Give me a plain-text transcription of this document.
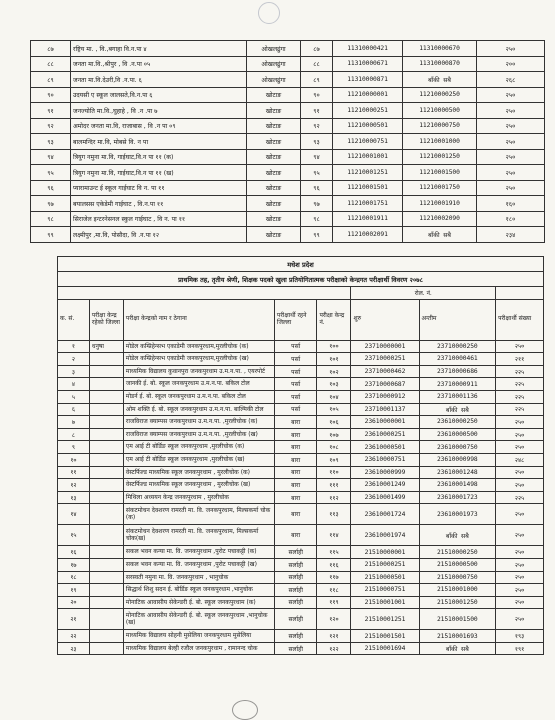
८७	रष्ट्रिय मा. , वि.,बगाहा वि.न.पा ४	ओखलढुंगा	८७	11310000421	11310000670	२५०
८८	जनता मा.वि.,श्रीपुर , वि .न.पा ०५	ओखलढुंगा	८८	11310000671	11310000870	२००
८९	जनता मा.वि.देउरी,वि .न.पा. ६	ओखलढुंगा	८९	11310000871	बाँकी सबै	२६८
९०	उदयसी ए स्कूल जालसते,वि.न.पा ६	खोटाङ	९०	11210000001	11210000250	२५०
९१	जनज्योति मा.वि.,घुहाहे , वि .न .पा ७	खोटाङ	९१	11210000251	11210000500	२५०
९२	अमोदर जनता मा.वि, राजाबास , वि .न पा ०९	खोटाङ	९२	11210000501	11210000750	२५०
९३	बालमन्दिर मा.वि, मोबसे वि. न पा	खोटाङ	९३	11210000751	11210001000	२५०
९४	त्रियुग नमुना मा.वि, गाईघाट,वि.न पा ११ (क)	खोटाङ	९४	11210001001	11210001250	२५०
९५	त्रियुग नमुना मा.वि, गाईघाट,वि.न पा ११ (ख)	खोटाङ	९५	11210001251	11210001500	२५०
९६	प्यारामाउन्ट ई स्कूल गाईघाट वि न. पा ११	खोटाङ	९६	11210001501	11210001750	२५०
९७	बयालसस एकेडेमी गाईघाट , वि.न.पा ११	खोटाङ	९७	11210001751	11210001910	१६०
९८	सिराजेल इन्टरनेसनल स्कुल गाईघाट , वि न. पा ११	खोटाङ	९८	11210001911	11210002090	१८०
९९	लक्ष्मीपुर ,मा.वि, पोसौदा, वि .न.पा १२	खोटाङ	९९	11210002091	बाँकी सबै	२३४
मधेश प्रदेश							
प्राथमिक तह, तृतीय श्रेणी, शिक्षक पदको खुला प्रतियोगितात्मक परीक्षाको केन्द्रगत परीक्षार्थी विवरण २०७८							
					रोल. नं.		
क. सं.	परीक्षा केन्द्र रहेको जिल्ला	परीक्षा केन्द्रको नाम र ठेगाना	परीक्षार्थी रहने जिल्ला	परीक्षा केन्द्र नं.	शुरु	अन्तीम	परीक्षार्थी संख्या
१	धनुषा	मोडेल कम्प्रिहेन्सभ एकाडेमी जनकपुरधाम,मुरलीचोक (क)	पर्सा	१००	23710000001	23710000250	२५०
२		मोडेल कम्प्रिहेन्सभ एकाडेमी जनकपुरधाम,मुरलीचोक (ख)	पर्सा	१०१	23710000251	23710000461	२११
३		माध्यमिक विद्यालय कुवानपुरा जनकपुरधाम उ.म.न.पा. , एयरपोर्ट	पर्सा	१०२	23710000462	23710000686	२२५
४		जानकी ई. बो. स्कूल जनकपुरधाम उ.म.न.पा. बकिल टोल	पर्सा	१०३	23710000687	23710000911	२२५
५		मोडर्न ई. बो. स्कूल जनकपुरधाम उ.म.न.पा. बकिल टोल	पर्सा	१०४	23710000912	23710001136	२२५
६		ओम शक्ति ई. बो. स्कूल जनकपुरधाम उ.म.न.पा. बाल्मिकी टोल	पर्सा	१०५	23710001137	बाँकी सबै	२२५
७		राजविराज क्याम्पस जनकपुरधाम उ.म.न.पा. ,मुरलीचोक (क)	बारा	१०६	23610000001	23610000250	२५०
८		राजविराज क्याम्पस जनकपुरधाम उ.म.न.पा. ,मुरलीचोक (ख)	बारा	१०७	23610000251	23610000500	२५०
९		एम आई टी बोर्डिङ स्कूल जनकपुरधाम ,मुरलीचोक (क)	बारा	१०८	23610000501	23610000750	२५०
१०		एम आई टी बोर्डिङ स्कूल जनकपुरधाम ,मुरलीचोक (ख)	बारा	१०९	23610000751	23610000998	२४८
११		वेस्टर्फिल्ड माध्यमिक स्कूल जनकपुरधाम , मुरलीचोक (क)	बारा	११०	23610000999	23610001248	२५०
१२		वेस्टर्फिल्ड माध्यमिक स्कूल जनकपुरधाम , मुरलीचोक (ख)	बारा	१११	23610001249	23610001498	२५०
१३		मिथिला अध्ययन केन्द्र जनकपुरधाम , मुरलीचोक	बारा	११२	23610001499	23610001723	२२५
१४		संकटमोचन देवशरण रामरती मा. वि. जनकपुरधाम, मिल्सकर्मा चोक (क)	बारा	११३	23610001724	23610001973	२५०
१५		संकटमोचन देवशरण रामरती मा. वि. जनकपुरधाम, मिल्सकर्मा चोक(ख)	बारा	११४	23610001974	बाँकी सबै	२५०
१६		सकल भवन कन्या मा. वि. जनकपुरधाम ,पुरोट पचाकट्टी (क)	सर्लाही	११५	21510000001	21510000250	२५०
१७		सकल भवन कन्या मा. वि. जनकपुरधाम ,पुरोट पचाकट्टी (ख)	सर्लाही	११६	21510000251	21510000500	२५०
१८		सरस्वती नमुना मा. वि. जनकपुरधाम , भानुचोक	सर्लाही	११७	21510000501	21510000750	२५०
१९		सिद्धार्थ शिशु सदन ई. बोर्डिङ स्कूल जनकपुरधाम ,भानुचोक	सर्लाही	११८	21510000751	21510001000	२५०
२०		मोनाटिक आवासीय सेकेन्डरी ई. बो. स्कूल जनकपुरधाम (क)	सर्लाही	११९	21510001001	21510001250	२५०
२१		मोनाटिक आवासीय सेकेन्डरी ई. बो. स्कूल जनकपुरधाम ,भानुचोक (ख)	सर्लाही	१२०	21510001251	21510001500	२५०
२२		माध्यमिक विद्यालय सोहनी मुसेलिया जनकपुरधाम मुसेलिया	सर्लाही	१२१	21510001501	21510001693	१९३
२३		माध्यमिक विद्यालय बेल्ही रजौल जनकपुरधाम , रामानन्द चोक	सर्लाही	१२२	21510001694	बाँकी सबै	१९१
